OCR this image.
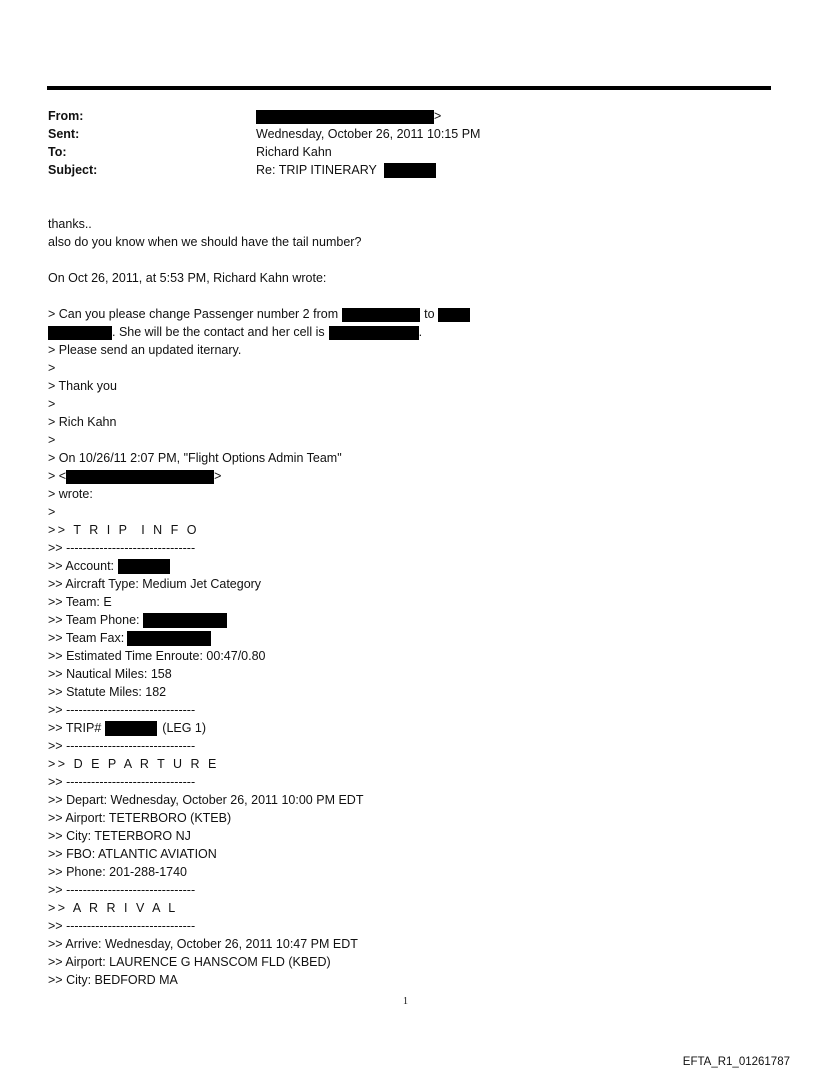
From:	>
Sent:	Wednesday, October 26, 2011 10:15 PM
To:	Richard Kahn
Subject:	Re: TRIP ITINERARY
thanks..
also do you know when we should have the tail number?
On Oct 26, 2011, at 5:53 PM, Richard Kahn wrote:
> Can you please change Passenger number 2 from	to
. She will be the contact and her cell is	.
> Please send an updated iternary.
>
> Thank you
>
> Rich Kahn
>
> On 10/26/11 2:07 PM, "Flight Options Admin Team"
> <	>
> wrote:
>
>> T R I P  I N F O
>> -------------------------------
>> Account:
>> Aircraft Type: Medium Jet Category
>> Team: E
>> Team Phone:
>> Team Fax:
>> Estimated Time Enroute: 00:47/0.80
>> Nautical Miles: 158
>> Statute Miles: 182
>> -------------------------------
>> TRIP#	(LEG 1)
>> -------------------------------
>> D E P A R T U R E
>> -------------------------------
>> Depart: Wednesday, October 26, 2011 10:00 PM EDT
>> Airport: TETERBORO (KTEB)
>> City: TETERBORO NJ
>> FBO: ATLANTIC AVIATION
>> Phone: 201-288-1740
>> -------------------------------
>> A R R I V A L
>> -------------------------------
>> Arrive: Wednesday, October 26, 2011 10:47 PM EDT
>> Airport: LAURENCE G HANSCOM FLD (KBED)
>> City: BEDFORD MA
1
EFTA_R1_01261787
